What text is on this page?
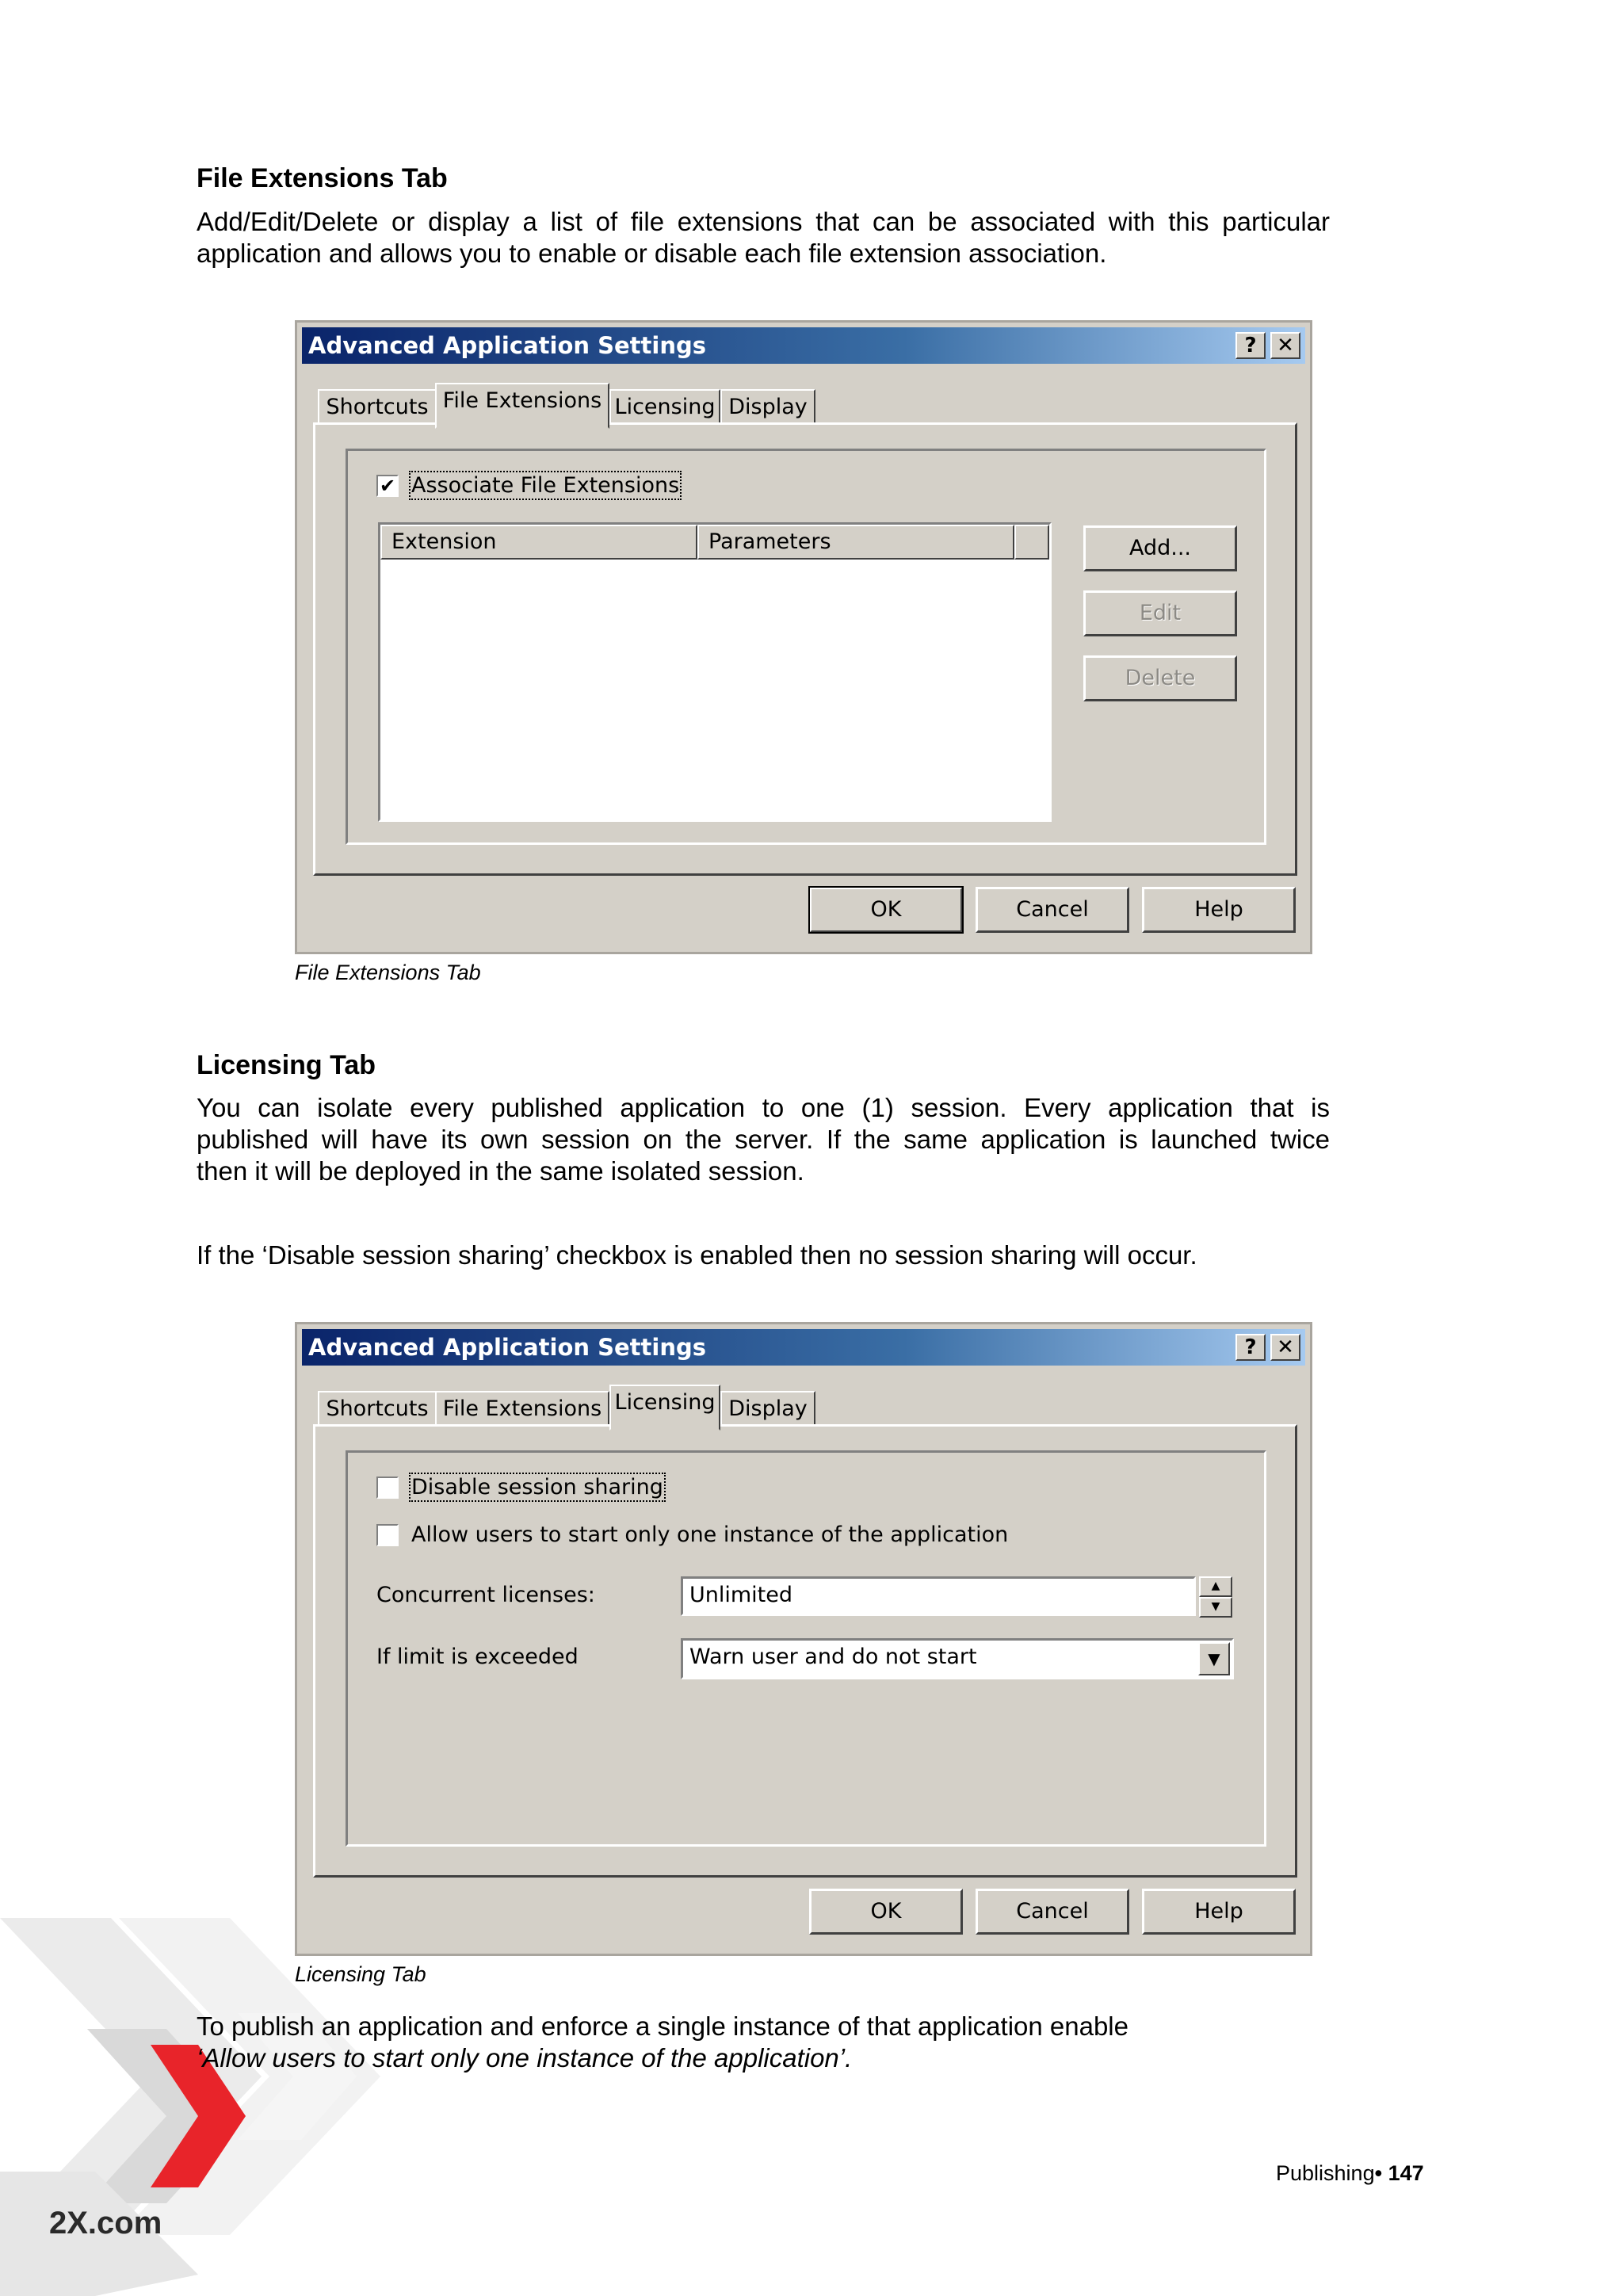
File Extensions Tab
Add/Edit/Delete or display a list of file extensions that can be associated with this particular
application and allows you to enable or disable each file extension association.
Advanced Application Settings	? ✕
Shortcuts File Extensions Licensing Display
✔ Associate File Extensions
Extension	Parameters	Add...
Edit
Delete
OK	Cancel	Help
File Extensions Tab
Licensing Tab
You can isolate every published application to one (1) session. Every application that is
published will have its own session on the server. If the same application is launched twice
then it will be deployed in the same isolated session.
If the ‘Disable session sharing’ checkbox is enabled then no session sharing will occur.
Advanced Application Settings	? ✕
Shortcuts File Extensions Licensing Display
Disable session sharing
Allow users to start only one instance of the application
Concurrent licenses:	Unlimited	▲
▼
If limit is exceeded	Warn user and do not start	▼
OK	Cancel	Help
Licensing Tab
To publish an application and enforce a single instance of that application enable
‘Allow users to start only one instance of the application’.
Publishing• 147
2X.com
